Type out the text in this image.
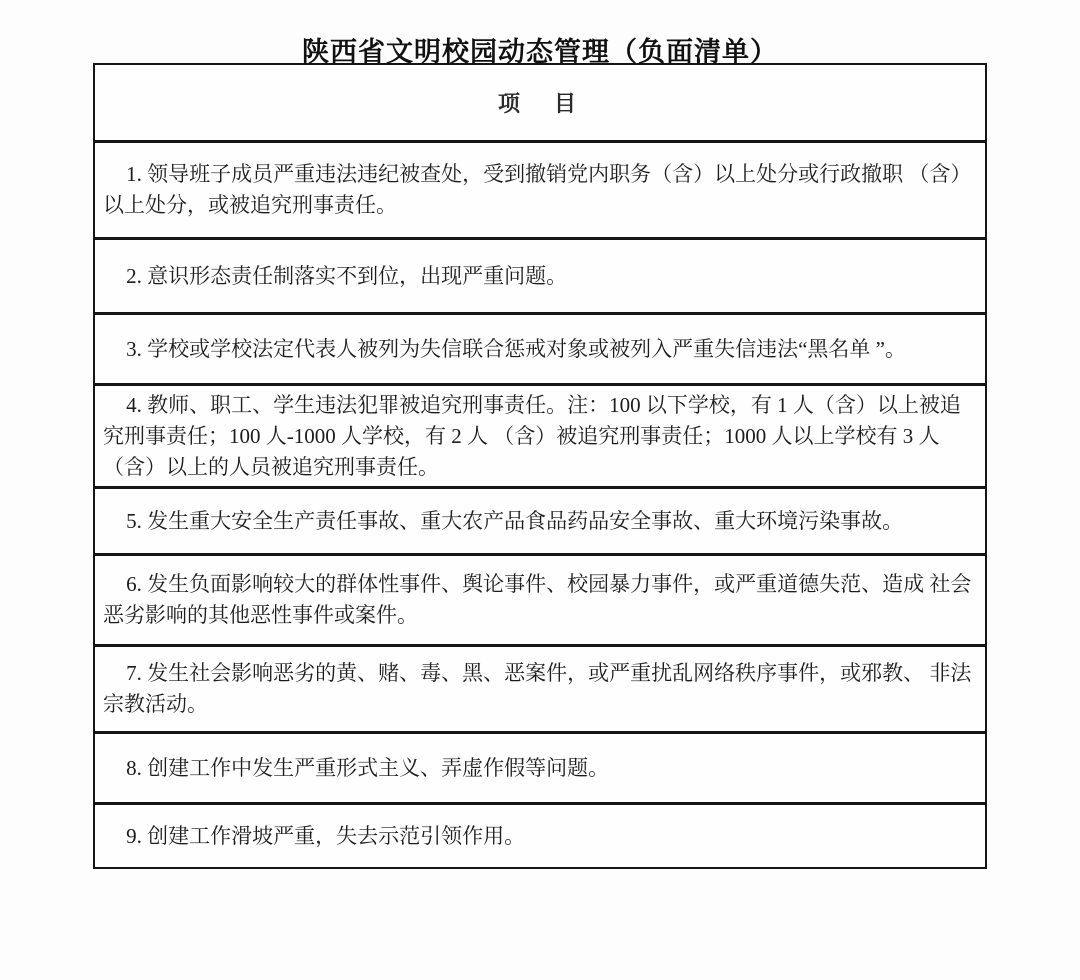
陕西省文明校园动态管理（负面清单）
项　目

1. 领导班子成员严重违法违纪被查处，受到撤销党内职务（含）以上处分或行政撤职 （含） 以上处分，或被追究刑事责任。

2. 意识形态责任制落实不到位，出现严重问题。

3. 学校或学校法定代表人被列为失信联合惩戒对象或被列入严重失信违法“黑名单 ”。

4. 教师、职工、学生违法犯罪被追究刑事责任。注：100 以下学校，有 1 人（含）以上被追究刑事责任；100 人-1000 人学校，有 2 人 （含）被追究刑事责任；1000 人以上学校有 3 人（含）以上的人员被追究刑事责任。

5. 发生重大安全生产责任事故、重大农产品食品药品安全事故、重大环境污染事故。

6. 发生负面影响较大的群体性事件、舆论事件、校园暴力事件，或严重道德失范、造成 社会恶劣影响的其他恶性事件或案件。

7. 发生社会影响恶劣的黄、赌、毒、黑、恶案件，或严重扰乱网络秩序事件，或邪教、 非法宗教活动。

8. 创建工作中发生严重形式主义、弄虚作假等问题。

9. 创建工作滑坡严重，失去示范引领作用。
